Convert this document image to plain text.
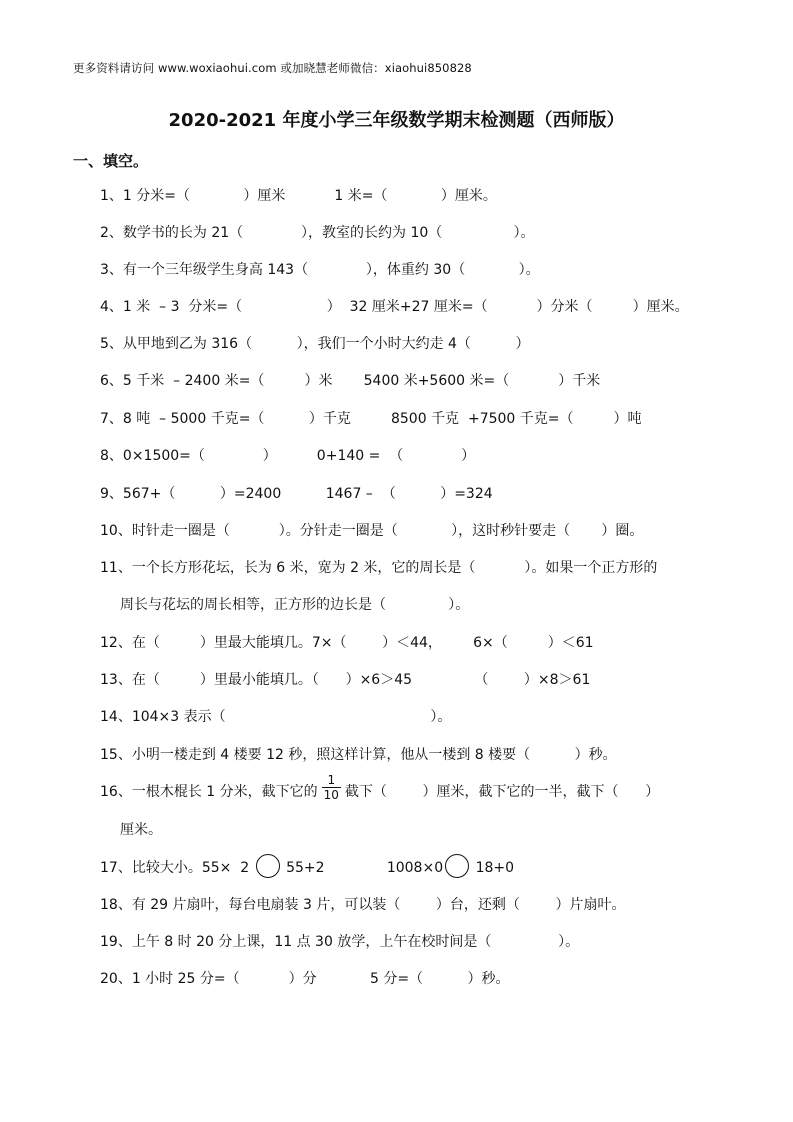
更多资料请访问 www.woxiaohui.com 或加晓慧老师微信：xiaohui850828
2020-2021 年度小学三年级数学期末检测题（西师版）
一、填空。
1、1 分米=（            ）厘米           1 米=（            ）厘米。
2、数学书的长为 21（             ），教室的长约为 10（                ）。
3、有一个三年级学生身高 143（             ），体重约 30（            ）。
4、1 米  – 3  分米=（                   ）  32 厘米+27 厘米=（           ）分米（         ）厘米。
5、从甲地到乙为 316（          ），我们一个小时大约走 4（          ）
6、5 千米  – 2400 米=（         ）米       5400 米+5600 米=（           ）千米
7、8 吨  – 5000 千克=（          ）千克         8500 千克  +7500 千克=（         ）吨
8、0×1500=（             ）         0+140 =  （             ）
9、567+（          ）=2400          1467 –  （          ）=324
10、时针走一圈是（           ）。分针走一圈是（            ），这时秒针要走（       ）圈。
11、一个长方形花坛，长为 6 米，宽为 2 米，它的周长是（           ）。如果一个正方形的
周长与花坛的周长相等，正方形的边长是（              ）。
12、在（         ）里最大能填几。7×（        ）＜44，       6×（         ）＜61
13、在（         ）里最小能填几。（      ）×6＞45              （        ）×8＞61
14、104×3 表示（                                              ）。
15、小明一楼走到 4 楼要 12 秒，照这样计算，他从一楼到 8 楼要（          ）秒。
16、一根木棍长 1 分米，截下它的 $\frac{1}{10}$ 截下（        ）厘米，截下它的一半，截下（      ）
厘米。
17、比较大小。55×  2	55+2              1008×0 18+0
18、有 29 片扇叶，每台电扇装 3 片，可以装（        ）台，还剩（        ）片扇叶。
19、上午 8 时 20 分上课，11 点 30 放学，上午在校时间是（               ）。
20、1 小时 25 分=（           ）分            5 分=（          ）秒。
